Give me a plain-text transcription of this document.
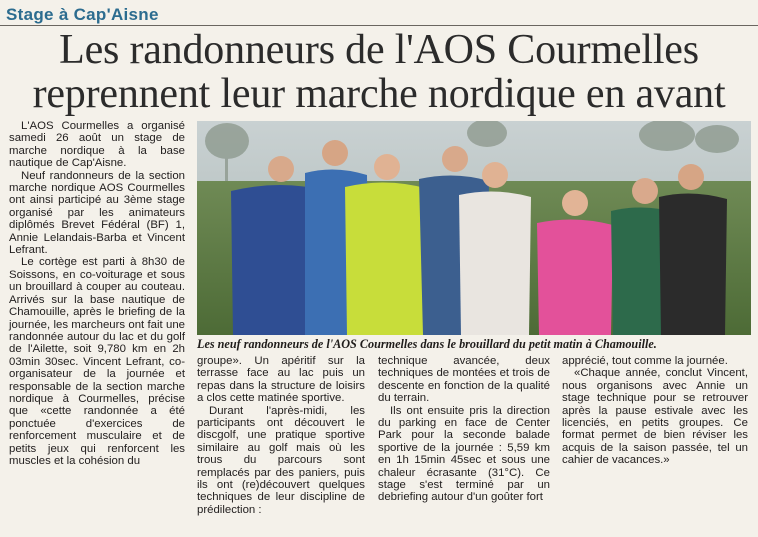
Stage à Cap'Aisne
Les randonneurs de l'AOS Courmelles
reprennent leur marche nordique en avant

L'AOS Courmelles a organisé samedi 26 août un stage de marche nordique à la base nautique de Cap'Aisne.

Neuf randonneurs de la section marche nordique AOS Courmelles ont ainsi participé au 3ème stage organisé par les animateurs diplômés Brevet Fédéral (BF) 1, Annie Lelandais-Barba et Vincent Lefrant.

Le cortège est parti à 8h30 de Soissons, en co-voiturage et sous un brouillard à couper au couteau. Arrivés sur la base nautique de Chamouille, après le briefing de la journée, les marcheurs ont fait une randonnée autour du lac et du golf de l'Ailette, soit 9,780 km en 2h 03min 30sec. Vincent Lefrant, co-organisateur de la journée et responsable de la section marche nordique à Courmelles, précise que «cette randonnée a été ponctuée d'exercices de renforcement musculaire et de petits jeux qui renforcent les muscles et la cohésion du

Les neuf randonneurs de l'AOS Courmelles dans le brouillard du petit matin à Chamouille.

groupe». Un apéritif sur la terrasse face au lac puis un repas dans la structure de loisirs a clos cette matinée sportive.

Durant l'après-midi, les participants ont découvert le discgolf, une pratique sportive similaire au golf mais où les trous du parcours sont remplacés par des paniers, puis ils ont (re)découvert quelques techniques de leur discipline de prédilection :

technique avancée, deux techniques de montées et trois de descente en fonction de la qualité du terrain.

Ils ont ensuite pris la direction du parking en face de Center Park pour la seconde balade sportive de la journée : 5,59 km en 1h 15min 45sec et sous une chaleur écrasante (31°C). Ce stage s'est terminé par un debriefing autour d'un goûter fort

apprécié, tout comme la journée.

«Chaque année, conclut Vincent, nous organisons avec Annie un stage technique pour se retrouver après la pause estivale avec les licenciés, en petits groupes. Ce format permet de bien réviser les acquis de la saison passée, tel un cahier de vacances.»
